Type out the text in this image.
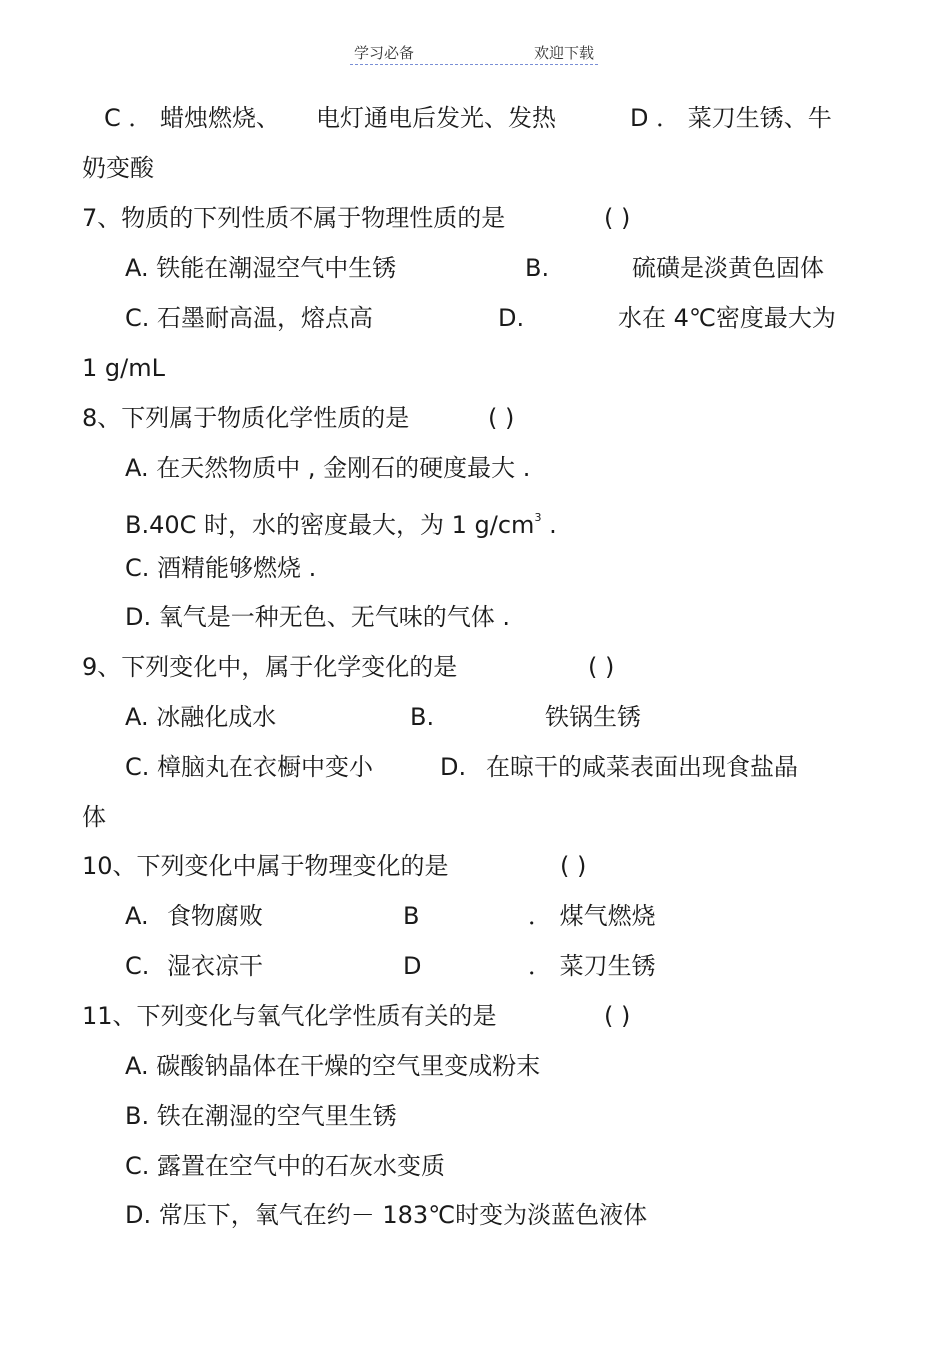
学习必备	欢迎下载
C ． 蜡烛燃烧、 电灯通电后发光、发热	D ． 菜刀生锈、牛
奶变酸
7、物质的下列性质不属于物理性质的是	( )
A. 铁能在潮湿空气中生锈	B.	硫磺是淡黄色固体
C. 石墨耐高温，熔点高	D.	水在 4℃密度最大为
1 g/mL
8、下列属于物质化学性质的是	( )
A. 在天然物质中 , 金刚石的硬度最大 .
B.40C 时，水的密度最大，为 1 $g/cm^3$ .
C. 酒精能够燃烧 .
D. 氧气是一种无色、无气味的气体 .
9、下列变化中，属于化学变化的是	( )
A. 冰融化成水	B.	铁锅生锈
C. 樟脑丸在衣橱中变小	D. 在晾干的咸菜表面出现食盐晶
体
10、下列变化中属于物理变化的是	( )
A. 食物腐败	B	． 煤气燃烧
C. 湿衣凉干	D	． 菜刀生锈
11、下列变化与氧气化学性质有关的是	( )
A. 碳酸钠晶体在干燥的空气里变成粉末
B. 铁在潮湿的空气里生锈
C. 露置在空气中的石灰水变质
D. 常压下，氧气在约－ 183℃时变为淡蓝色液体
